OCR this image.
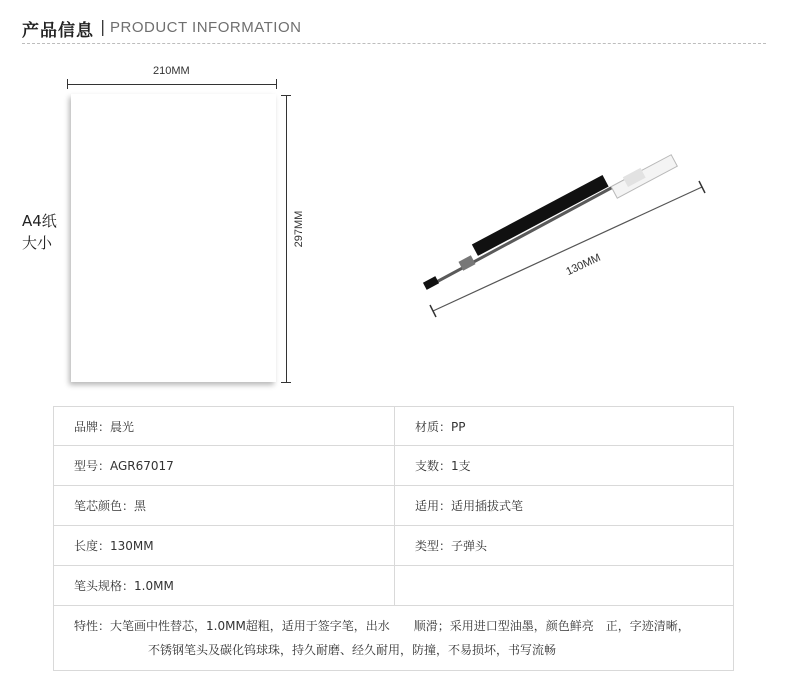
产品信息 | PRODUCT INFORMATION
210MM
297MM
A4纸
大小
130MM
品牌：晨光	材质：PP
型号：AGR67017	支数：1支
笔芯颜色：黑	适用：适用插拔式笔
长度：130MM	类型：子弹头
笔头规格：1.0MM	

特性：大笔画中性替芯，1.0MM超粗，适用于签字笔，出水　　顺滑；采用进口型油墨，颜色鲜亮　正，字迹清晰，
不锈钢笔头及碳化钨球珠，持久耐磨、经久耐用，防撞，不易损坏，书写流畅	
